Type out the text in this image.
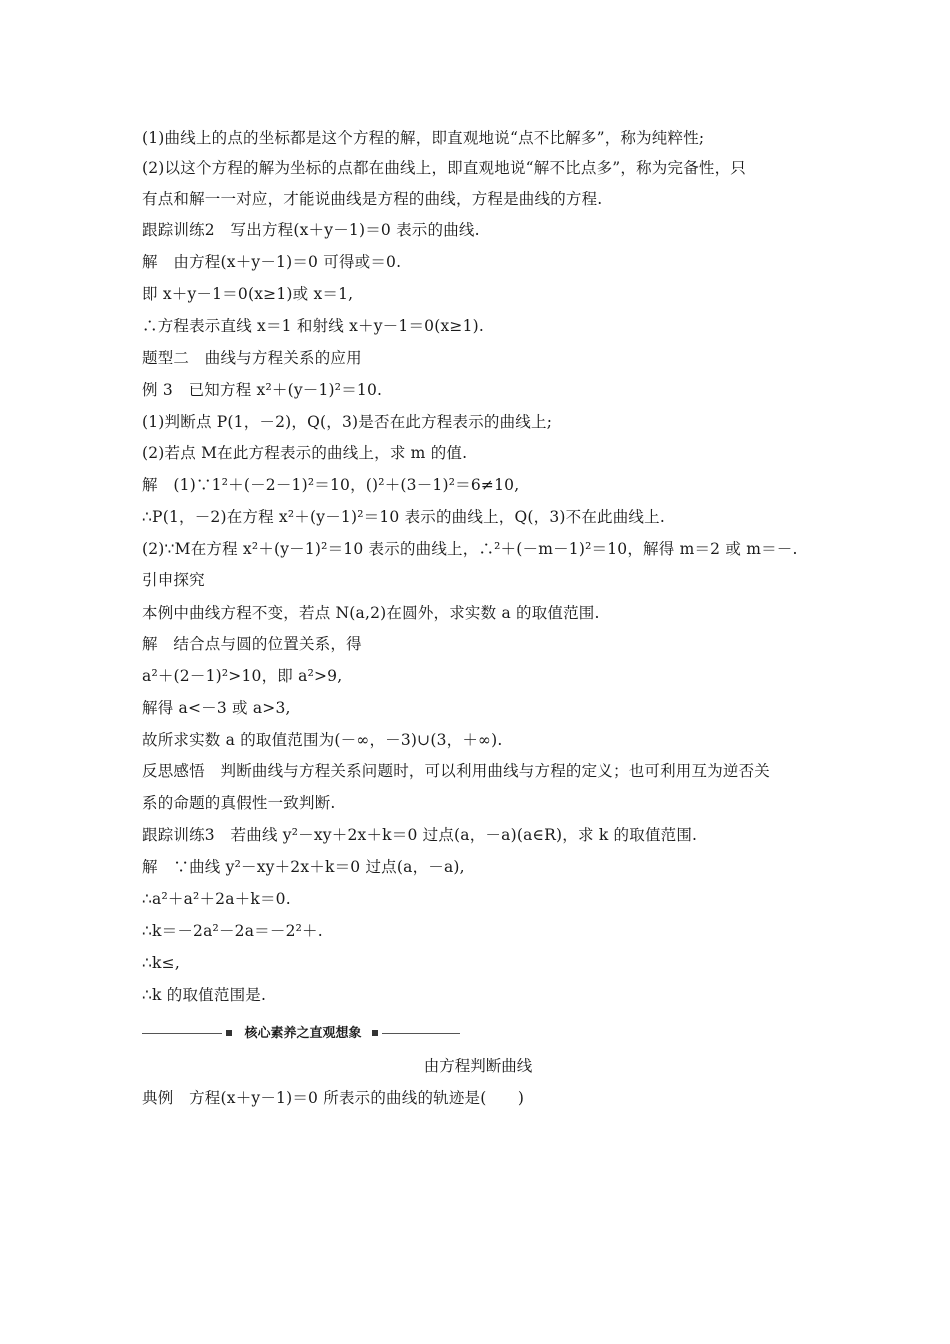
(1)曲线上的点的坐标都是这个方程的解，即直观地说“点不比解多”，称为纯粹性;
(2)以这个方程的解为坐标的点都在曲线上，即直观地说“解不比点多”，称为完备性，只
有点和解一一对应，才能说曲线是方程的曲线，方程是曲线的方程.
跟踪训练2　写出方程(x＋y－1)＝0 表示的曲线.
解　由方程(x＋y－1)＝0 可得或＝0.
即 x＋y－1＝0(x≥1)或 x＝1,
∴方程表示直线 x＝1 和射线 x＋y－1＝0(x≥1).
题型二　曲线与方程关系的应用
例 3　已知方程 x²＋(y－1)²＝10.
(1)判断点 P(1，－2)，Q(，3)是否在此方程表示的曲线上;
(2)若点 M在此方程表示的曲线上，求 m 的值.
解　(1)∵1²＋(－2－1)²＝10，()²＋(3－1)²＝6≠10,
∴P(1，－2)在方程 x²＋(y－1)²＝10 表示的曲线上，Q(，3)不在此曲线上.
(2)∵M在方程 x²＋(y－1)²＝10 表示的曲线上，∴²＋(－m－1)²＝10，解得 m＝2 或 m＝－.
引申探究
本例中曲线方程不变，若点 N(a,2)在圆外，求实数 a 的取值范围.
解　结合点与圆的位置关系，得
a²＋(2－1)²>10，即 a²>9,
解得 a<－3 或 a>3,
故所求实数 a 的取值范围为(－∞，－3)∪(3，＋∞).
反思感悟　判断曲线与方程关系问题时，可以利用曲线与方程的定义；也可利用互为逆否关
系的命题的真假性一致判断.
跟踪训练3　若曲线 y²－xy＋2x＋k＝0 过点(a，－a)(a∈R)，求 k 的取值范围.
解　∵曲线 y²－xy＋2x＋k＝0 过点(a，－a),
∴a²＋a²＋2a＋k＝0.
∴k＝－2a²－2a＝－2²＋.
∴k≤,
∴k 的取值范围是.
核心素养之直观想象
由方程判断曲线
典例　方程(x＋y－1)＝0 所表示的曲线的轨迹是(　　)
